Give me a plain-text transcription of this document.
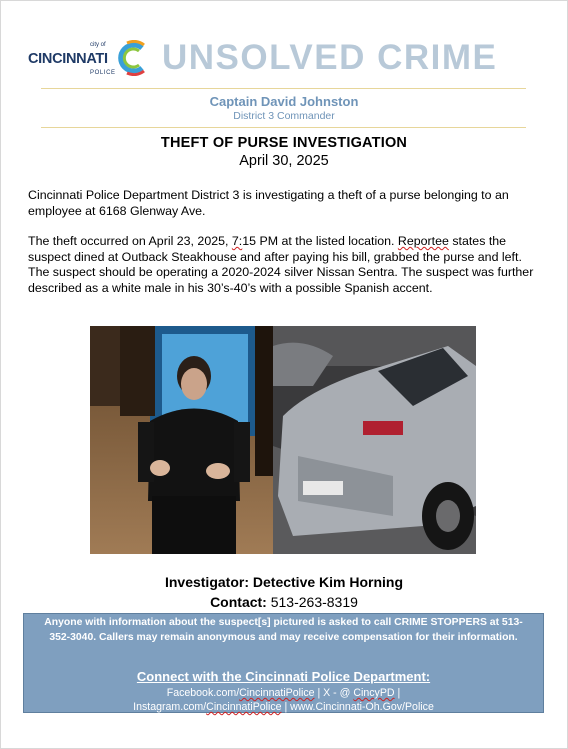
city of
CINCINNATI
POLICE UNSOLVED CRIME
Captain David Johnston
District 3 Commander
THEFT OF PURSE INVESTIGATION
April 30, 2025
Cincinnati Police Department District 3 is investigating a theft of a purse belonging to an employee at 6168 Glenway Ave.
The theft occurred on April 23, 2025, 7:15 PM at the listed location. Reportee states the suspect dined at Outback Steakhouse and after paying his bill, grabbed the purse and left. The suspect should be operating a 2020-2024 silver Nissan Sentra. The suspect was further described as a white male in his 30’s-40’s with a possible Spanish accent.
Investigator: Detective Kim Horning
Contact: 513-263-8319
Anyone with information about the suspect[s] pictured is asked to call CRIME STOPPERS at 513-352-3040. Callers may remain anonymous and may receive compensation for their information.
Connect with the Cincinnati Police Department:
Facebook.com/CincinnatiPolice | X - @ CincyPD |
Instagram.com/CincinnatiPolice | www.Cincinnati-Oh.Gov/Police
